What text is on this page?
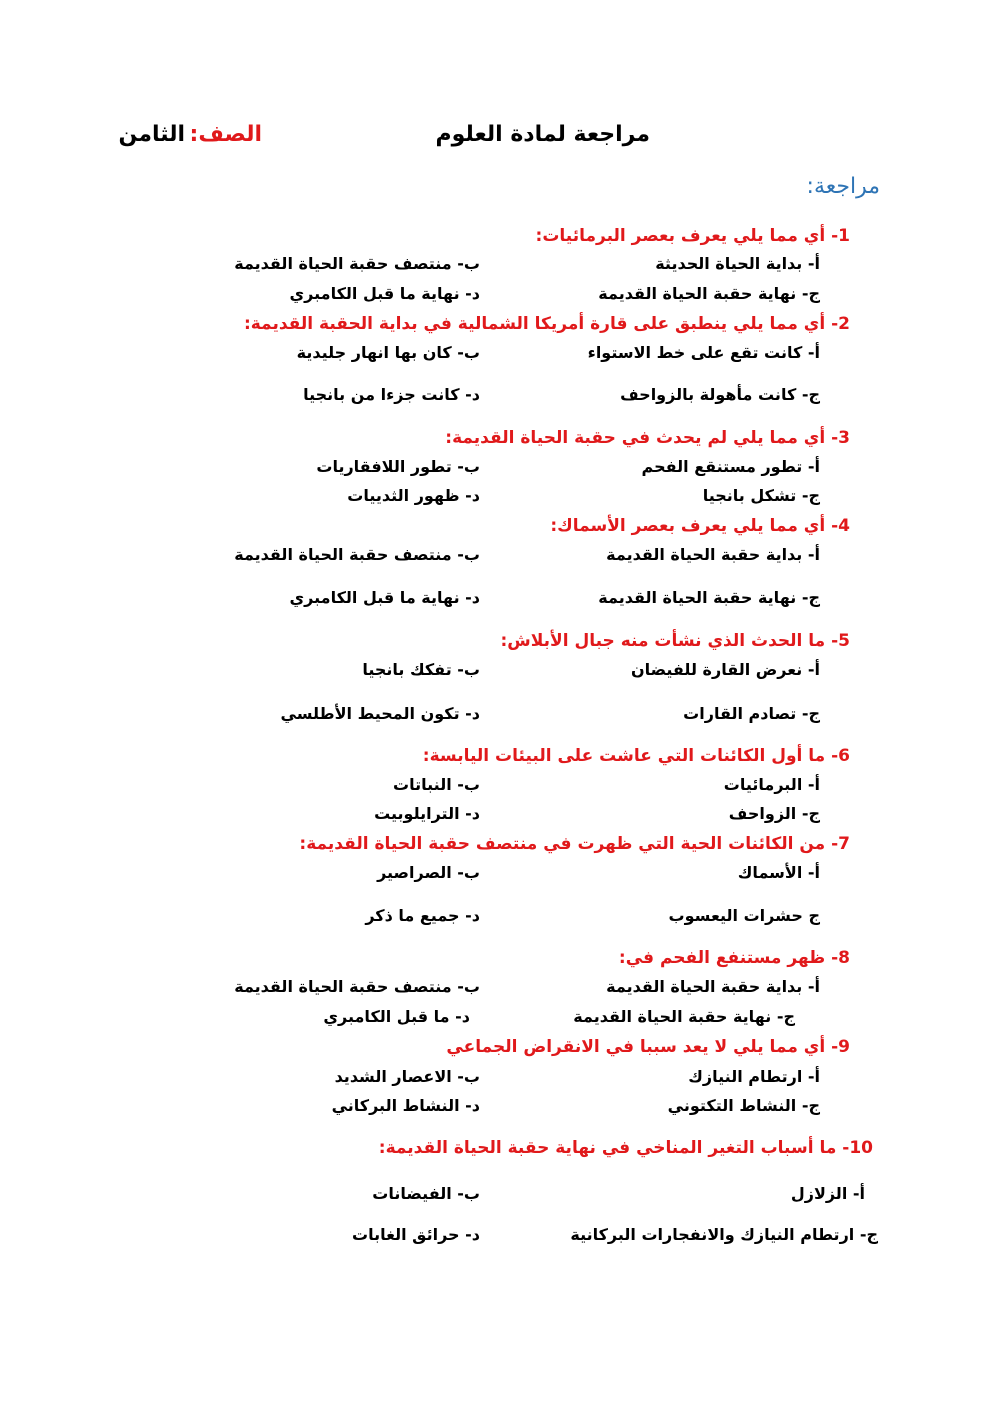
مراجعة لمادة العلوم
الصف:
الثامن
مراجعة:
1- أي مما يلي يعرف بعصر البرمائيات:
أ- بداية الحياة الحديثة
ب- منتصف حقبة الحياة القديمة
ج- نهاية حقبة الحياة القديمة
د- نهاية ما قبل الكامبري
2- أي مما يلي ينطبق على قارة أمريكا الشمالية في بداية الحقبة القديمة:
أ- كانت تقع على خط الاستواء
ب- كان بها انهار جليدية
ج- كانت مأهولة بالزواحف
د- كانت جزءا من بانجيا
3- أي مما يلي لم يحدث في حقبة الحياة القديمة:
أ- تطور مستنقع الفحم
ب- تطور اللافقاريات
ج- تشكل بانجيا
د- ظهور الثدييات
4- أي مما يلي يعرف بعصر الأسماك:
أ- بداية حقبة الحياة القديمة
ب- منتصف حقبة الحياة القديمة
ج- نهاية حقبة الحياة القديمة
د- نهاية ما قبل الكامبري
5- ما الحدث الذي نشأت منه جبال الأبلاش:
أ- نعرض القارة للفيضان
ب- تفكك بانجيا
ج- تصادم القارات
د- تكون المحيط الأطلسي
6- ما أول الكائنات التي عاشت على البيئات اليابسة:
أ- البرمائيات
ب- النباتات
ج- الزواحف
د- الترايلوبيت
7- من الكائنات الحية التي ظهرت في منتصف حقبة الحياة القديمة:
أ- الأسماك
ب- الصراصير
ج حشرات اليعسوب
د- جميع ما ذكر
8- ظهر مستنفع الفحم في:
أ- بداية حقبة الحياة القديمة
ب- منتصف حقبة الحياة القديمة
ج- نهاية حقبة الحياة القديمة
د- ما قبل الكامبري
9- أي مما يلي لا يعد سببا في الانقراض الجماعي
أ- ارتطام النيازك
ب- الاعصار الشديد
ج- النشاط التكتوني
د- النشاط البركاني
10- ما أسباب التغير المناخي في نهاية حقبة الحياة القديمة:
أ- الزلازل
ب- الفيضانات
ج- ارتطام النيازك والانفجارات البركانية
د- حرائق الغابات
